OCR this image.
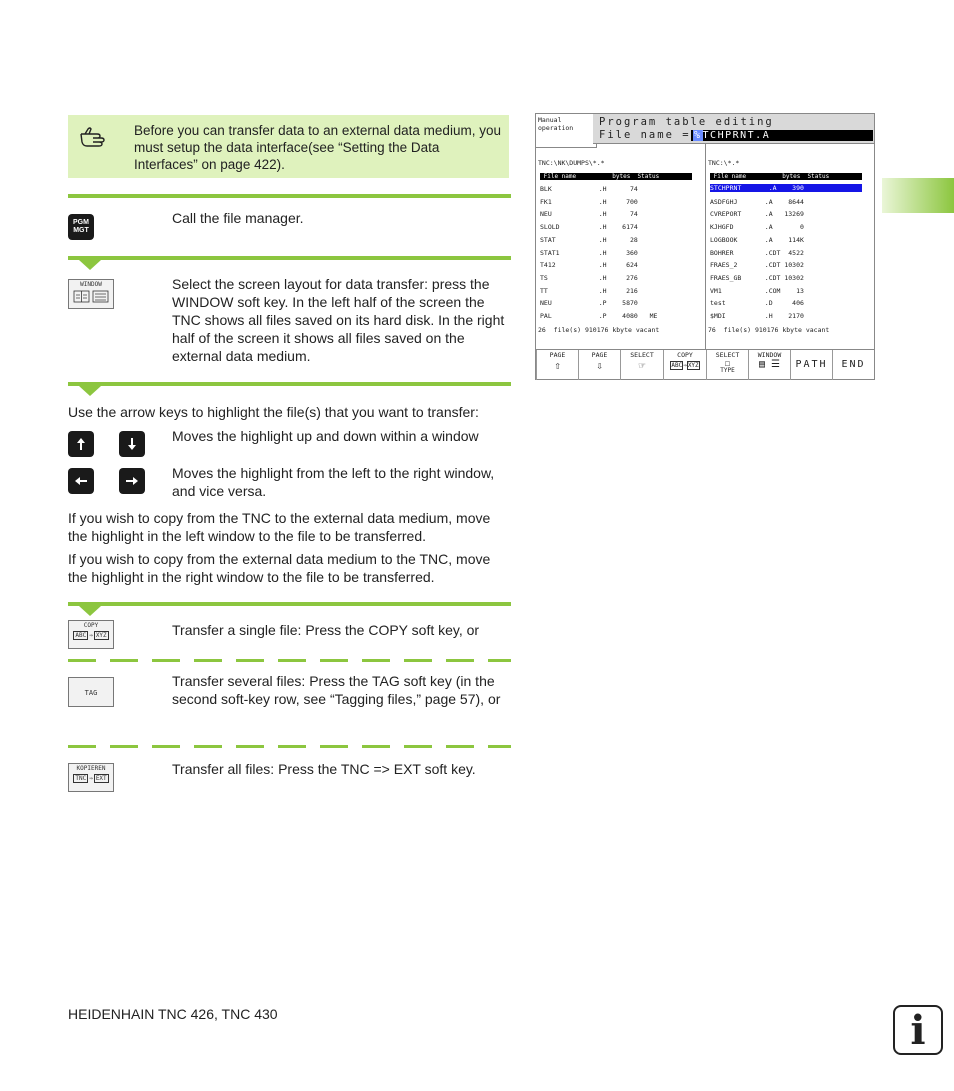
Before you can transfer data to an external data medium, you must setup the data interface(see “Setting the Data Interfaces” on page 422).
PGM
MGT
Call the file manager.
WINDOW	Select the screen layout for data transfer: press the WINDOW soft key. In the left half of the screen the TNC shows all files saved on its hard disk. In the right half of the screen it shows all files saved on the external data medium.
Use the arrow keys to highlight the file(s) that you want to transfer:
Moves the highlight up and down within a window
Moves the highlight from the left to the right window, and vice versa.
If you wish to copy from the TNC to the external data medium, move the highlight in the left window to the file to be transferred.
If you wish to copy from the external data medium to the TNC, move the highlight in the right window to the file to be transferred.
COPY
ABC ⇒ XYZ	Transfer a single file: Press the COPY soft key, or
TAG
Transfer several files: Press the TAG soft key (in the second soft-key row, see “Tagging files,” page 57), or
KOPIEREN
TNC ⇒ EXT
Transfer all files: Press the TNC => EXT soft key.
Manual
operation	Program table editing
File name = %TCHPRNT.A
TNC:\NK\DUMPS\*.*
File name          bytes  Status
BLK            .H      74
FK1            .H     700
NEU            .H      74
SLOLD          .H    6174
STAT           .H      28
STAT1          .H     360
T412           .H     624
TS             .H     276
TT             .H     216
NEU            .P    5870
PAL            .P    4080   ME
26  file(s) 910176 kbyte vacant
TNC:\*.*
File name          bytes  Status
STCHPRNT       .A    390
ASDFGHJ       .A    8644
CVREPORT      .A   13269
KJHGFD        .A       0
LOGBOOK       .A    114K
BOHRER        .CDT  4522
FRAES_2       .CDT 10302
FRAES_GB      .CDT 10302
VM1           .COM    13
test          .D     406
$MDI          .H    2170
76  file(s) 910176 kbyte vacant
PAGE
⇧
PAGE
⇩
SELECT
☞
COPY
ABC⇒XYZ
SELECT
☐
TYPE
WINDOW
▤ ☰	PATH	END
HEIDENHAIN TNC 426, TNC 430	i
